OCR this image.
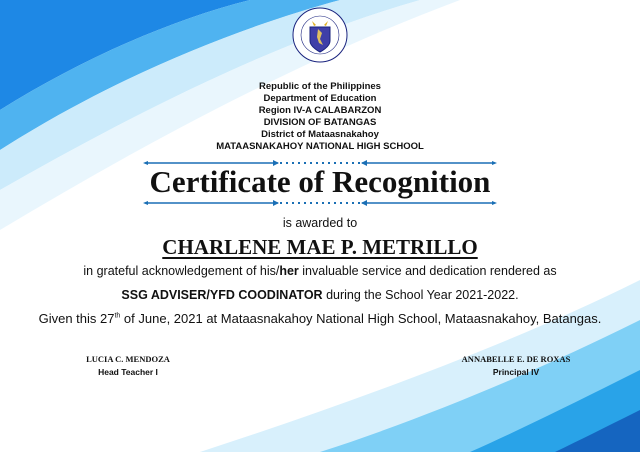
Republic of the Philippines
Department of Education
Region IV-A CALABARZON
DIVISION OF BATANGAS
District of Mataasnakahoy
MATAASNAKAHOY NATIONAL HIGH SCHOOL
Certificate of Recognition
is awarded to
CHARLENE MAE P. METRILLO
in grateful acknowledgement of his/her invaluable service and dedication rendered as
SSG ADVISER/YFD COODINATOR during the School Year 2021-2022.
Given this 27th of June, 2021 at Mataasnakahoy National High School, Mataasnakahoy, Batangas.
LUCIA C. MENDOZA
Head Teacher I
ANNABELLE E. DE ROXAS
Principal IV
